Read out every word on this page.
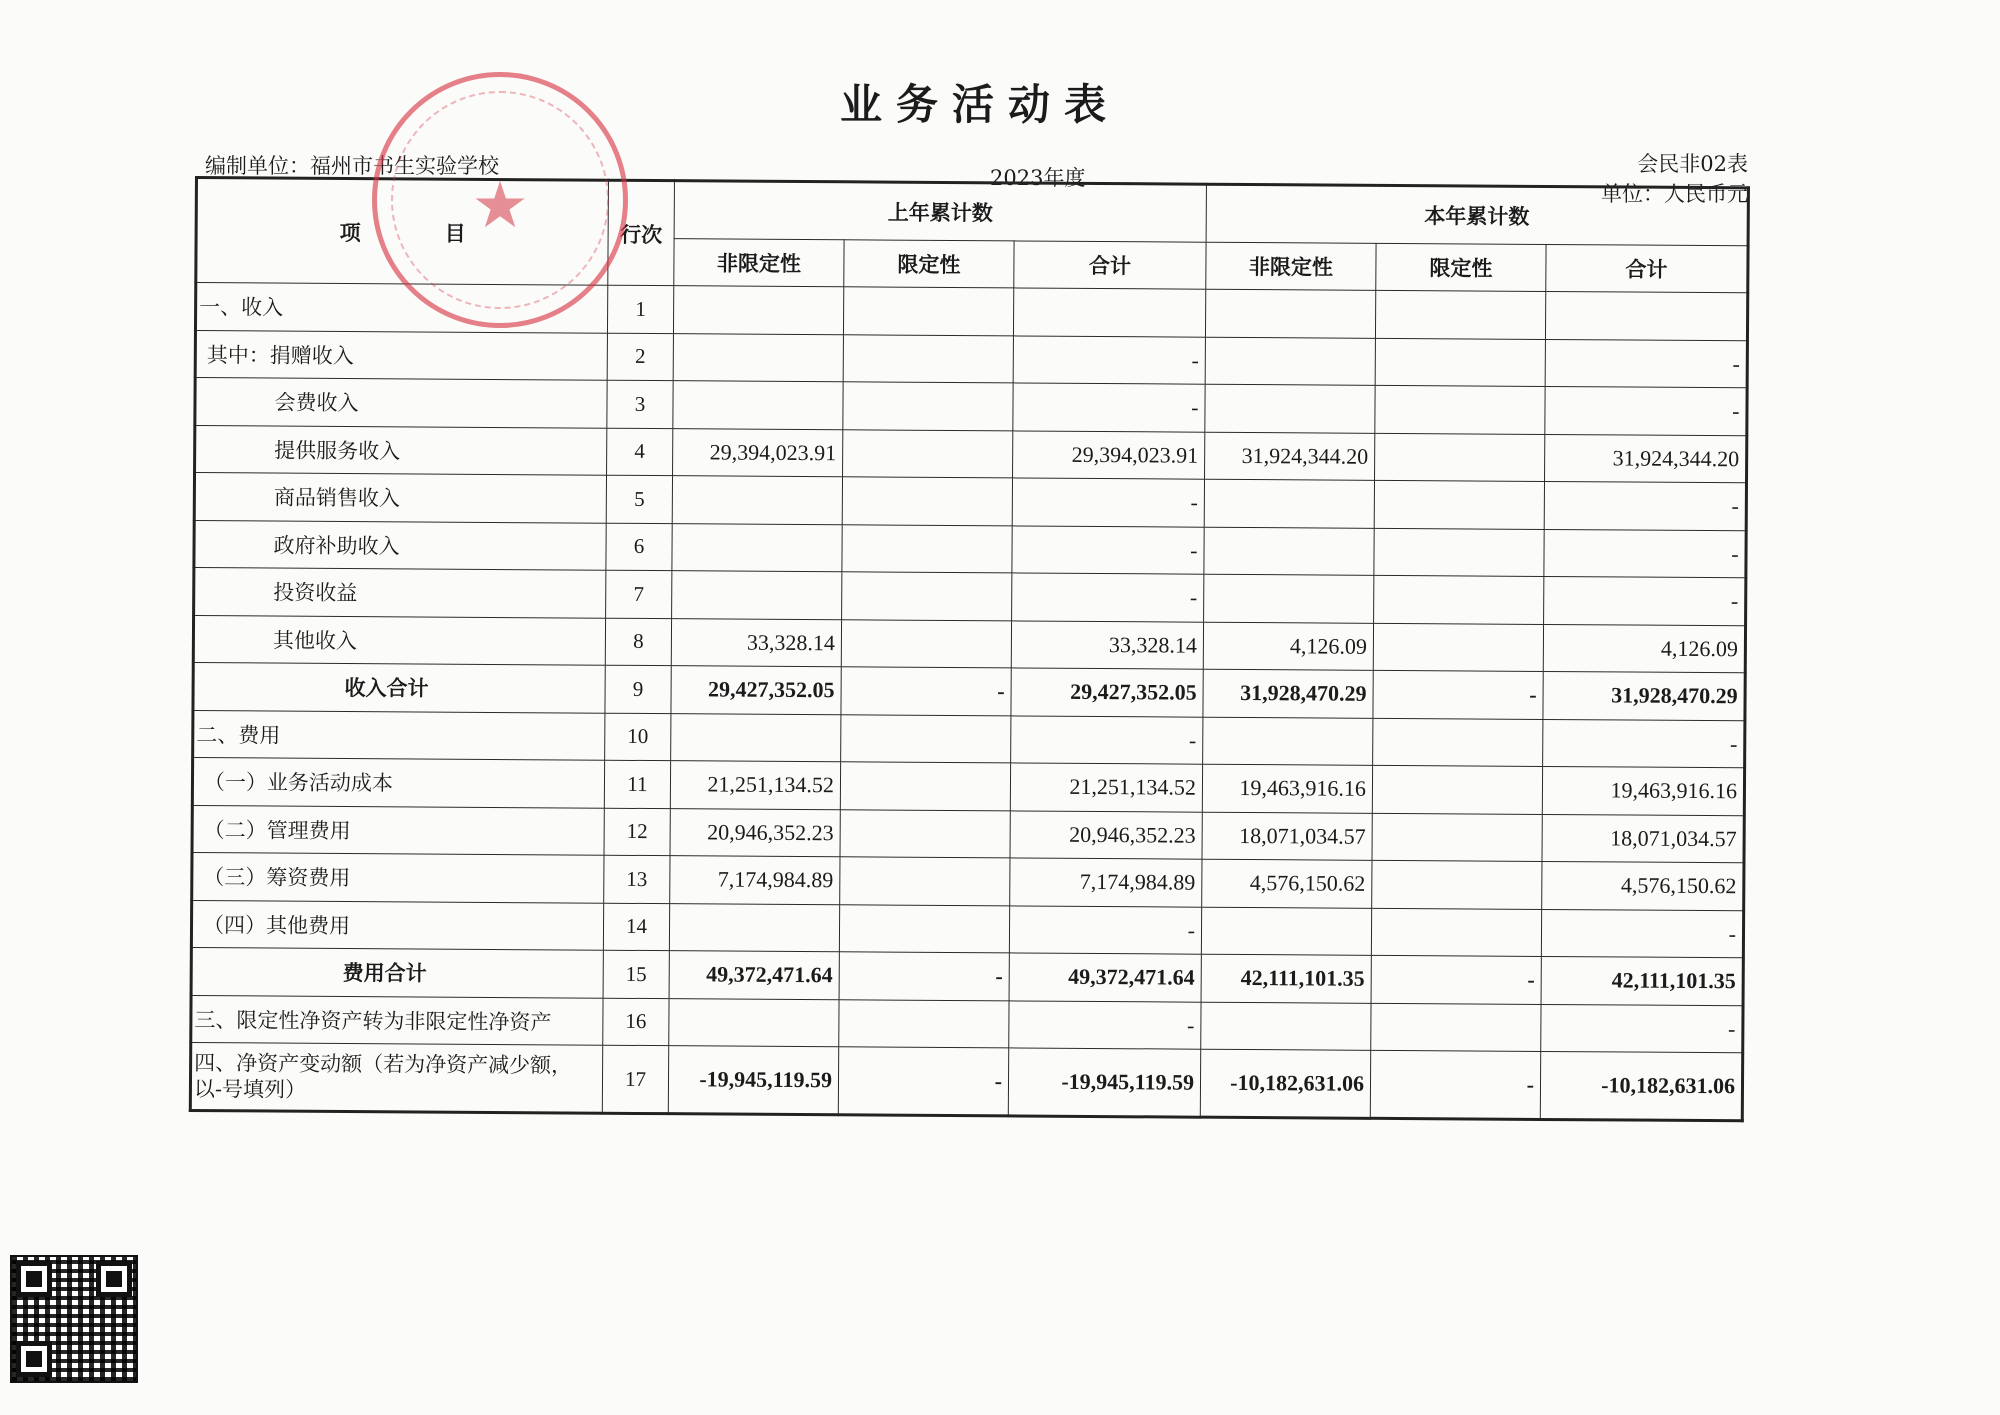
业务活动表
编制单位：福州市书生实验学校	2023年度
会民非02表
单位：人民币元
项　　　　目	行次	上年累计数			本年累计数		
		非限定性	限定性	合计	非限定性	限定性	合计
一、收入	1						
其中：捐赠收入	2			-			-
会费收入	3			-			-
提供服务收入	4	29,394,023.91		29,394,023.91	31,924,344.20		31,924,344.20
商品销售收入	5			-			-
政府补助收入	6			-			-
投资收益	7			-			-
其他收入	8	33,328.14		33,328.14	4,126.09		4,126.09
收入合计	9	29,427,352.05	-	29,427,352.05	31,928,470.29	-	31,928,470.29
二、费用	10			-			-
（一）业务活动成本	11	21,251,134.52		21,251,134.52	19,463,916.16		19,463,916.16
（二）管理费用	12	20,946,352.23		20,946,352.23	18,071,034.57		18,071,034.57
（三）筹资费用	13	7,174,984.89		7,174,984.89	4,576,150.62		4,576,150.62
（四）其他费用	14			-			-
费用合计	15	49,372,471.64	-	49,372,471.64	42,111,101.35	-	42,111,101.35
三、限定性净资产转为非限定性净资产	16			-			-
四、净资产变动额（若为净资产减少额，以-号填列）	17	-19,945,119.59	-	-19,945,119.59	-10,182,631.06	-	-10,182,631.06
★
